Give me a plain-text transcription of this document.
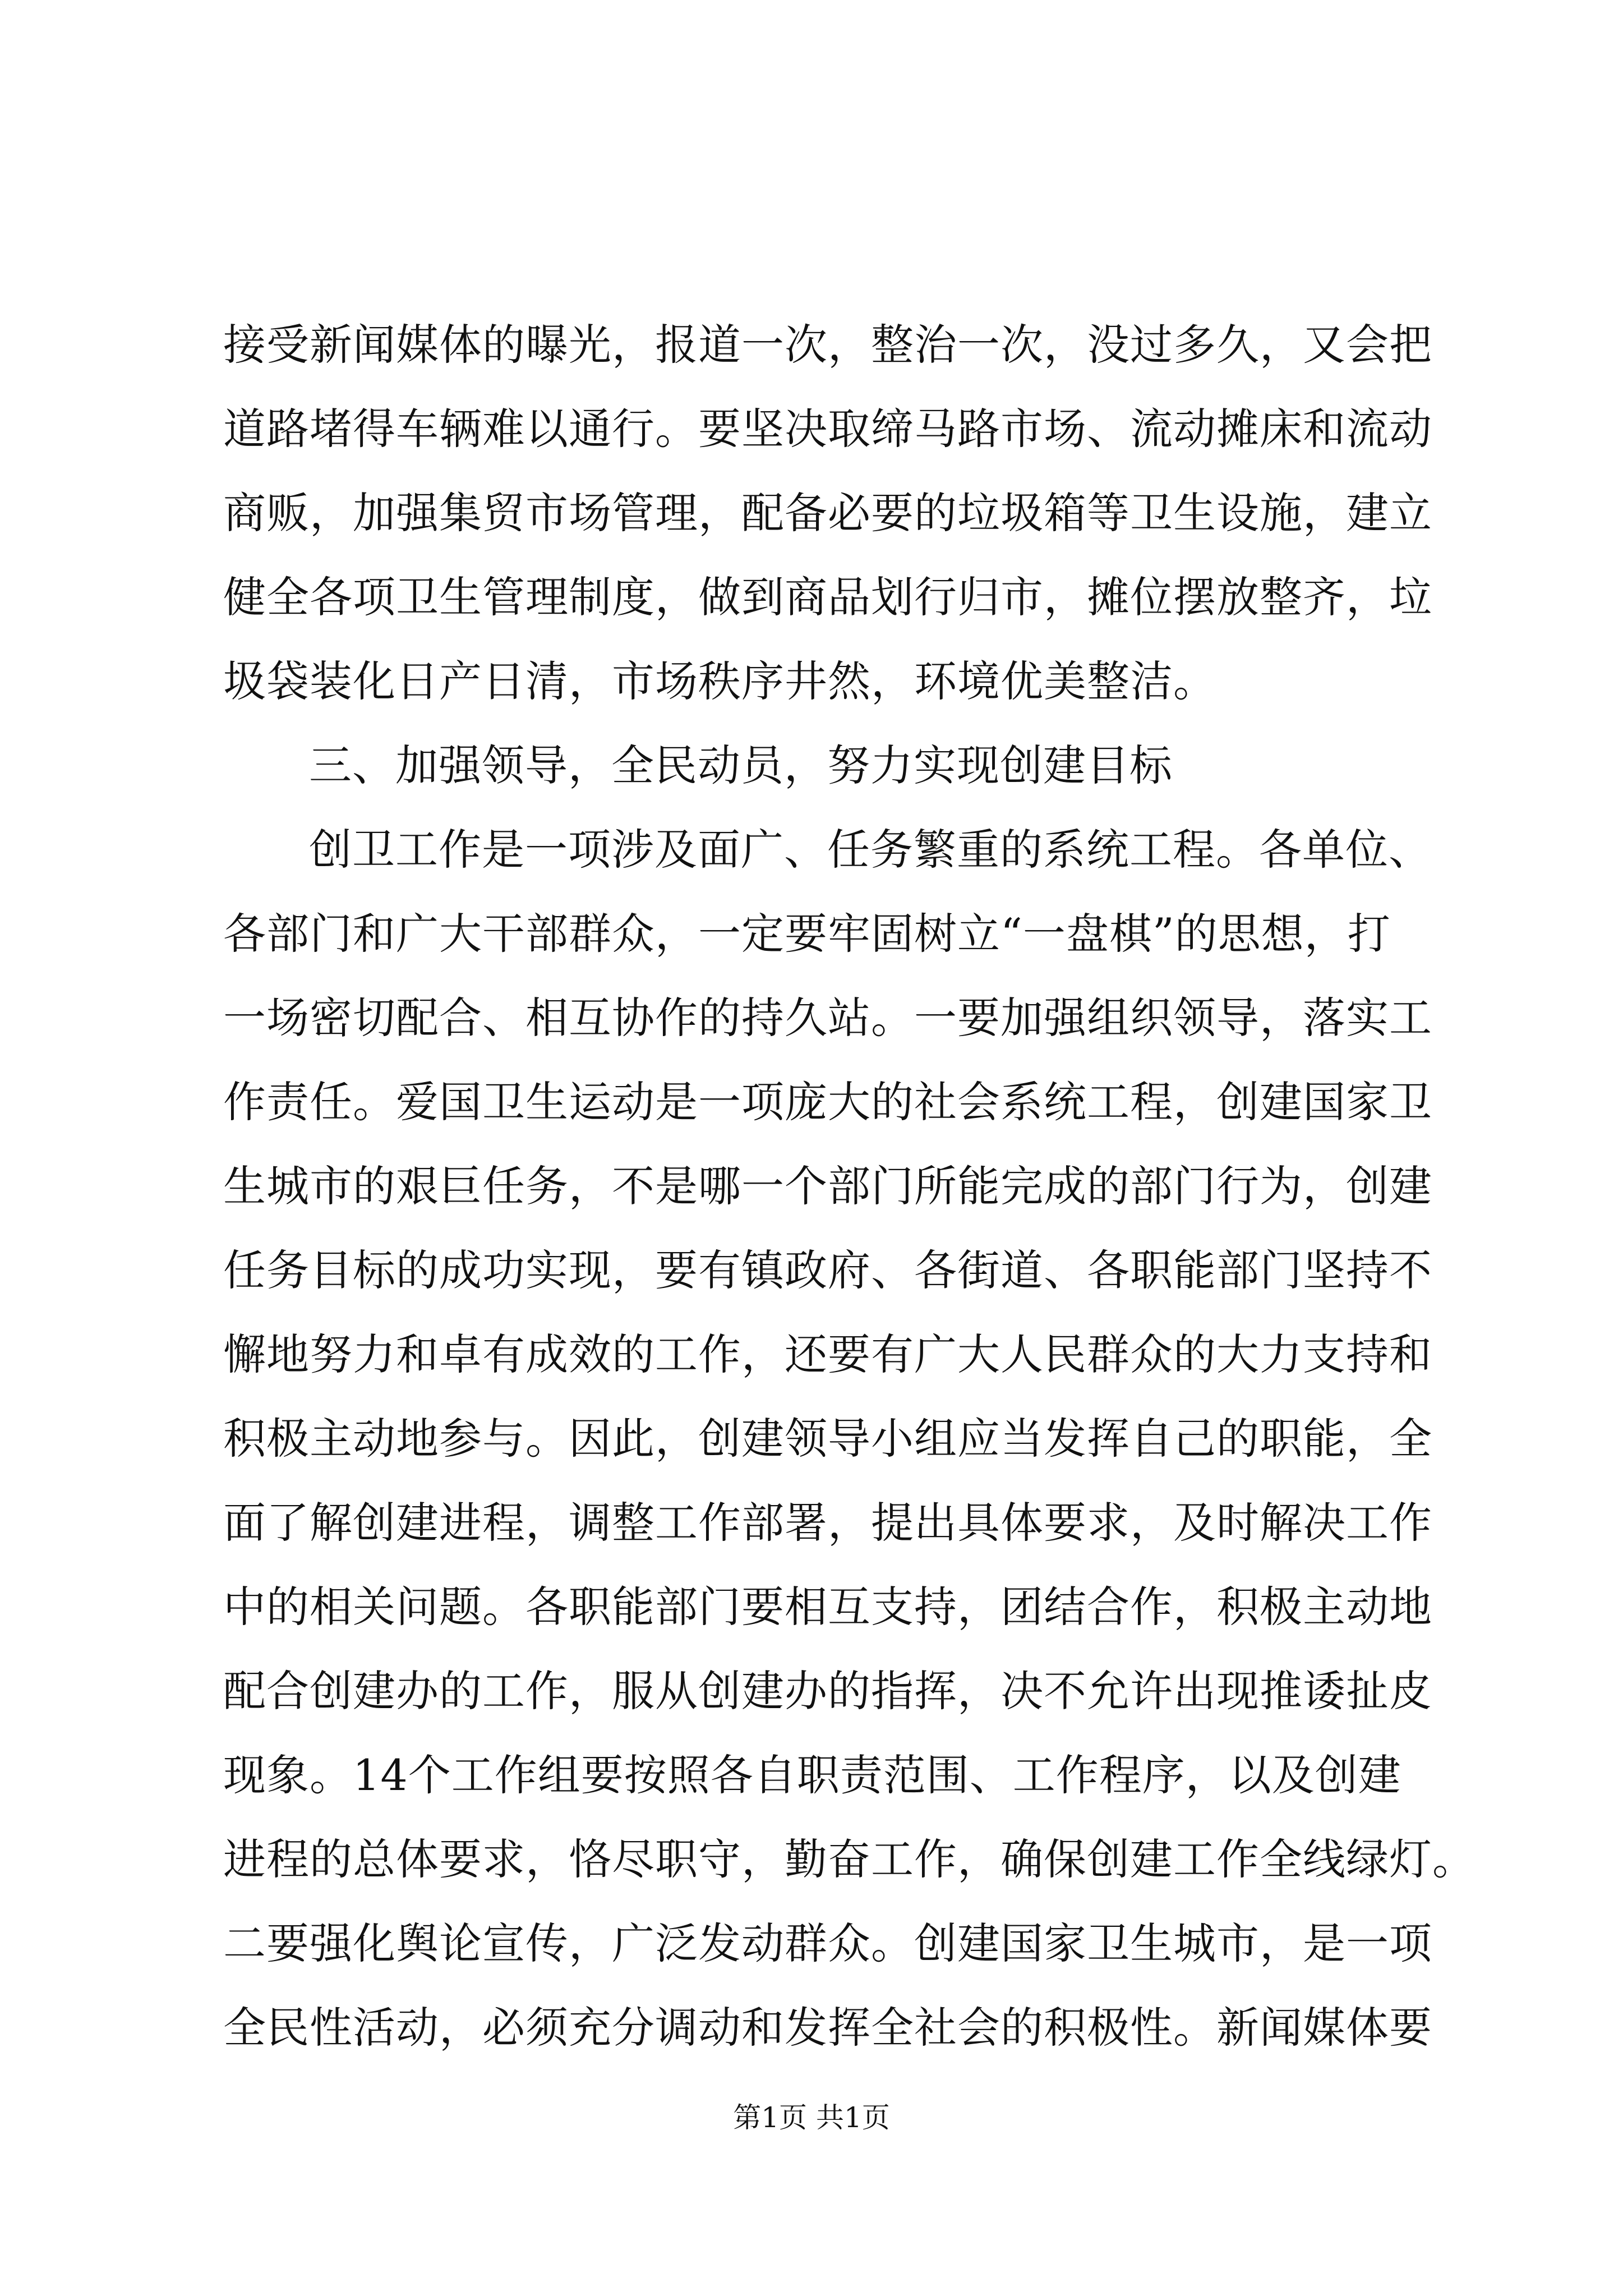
接受新闻媒体的曝光，报道一次，整治一次，没过多久，又会把
道路堵得车辆难以通行。要坚决取缔马路市场、流动摊床和流动
商贩，加强集贸市场管理，配备必要的垃圾箱等卫生设施，建立
健全各项卫生管理制度，做到商品划行归市，摊位摆放整齐，垃
圾袋装化日产日清，市场秩序井然，环境优美整洁。
三、加强领导，全民动员，努力实现创建目标
创卫工作是一项涉及面广、任务繁重的系统工程。各单位、
各部门和广大干部群众，一定要牢固树立“一盘棋”的思想，打
一场密切配合、相互协作的持久站。一要加强组织领导，落实工
作责任。爱国卫生运动是一项庞大的社会系统工程，创建国家卫
生城市的艰巨任务，不是哪一个部门所能完成的部门行为，创建
任务目标的成功实现，要有镇政府、各街道、各职能部门坚持不
懈地努力和卓有成效的工作，还要有广大人民群众的大力支持和
积极主动地参与。因此，创建领导小组应当发挥自己的职能，全
面了解创建进程，调整工作部署，提出具体要求，及时解决工作
中的相关问题。各职能部门要相互支持，团结合作，积极主动地
配合创建办的工作，服从创建办的指挥，决不允许出现推诿扯皮
现象。14个工作组要按照各自职责范围、工作程序，以及创建
进程的总体要求，恪尽职守，勤奋工作，确保创建工作全线绿灯。
二要强化舆论宣传，广泛发动群众。创建国家卫生城市，是一项
全民性活动，必须充分调动和发挥全社会的积极性。新闻媒体要
第1页 共1页
